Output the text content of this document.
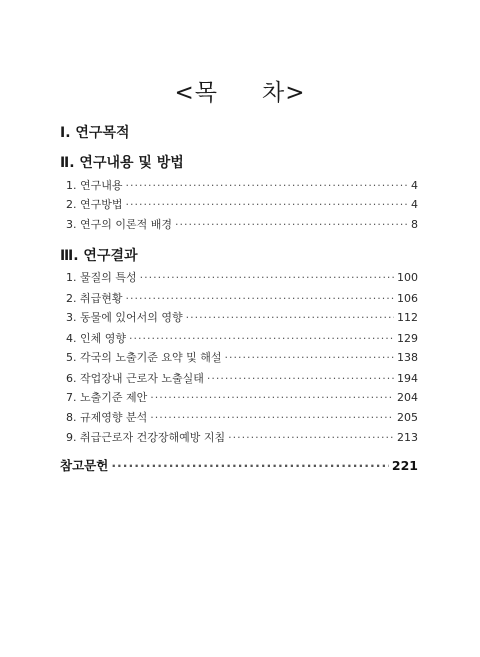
<목 차>
Ⅰ. 연구목적
Ⅱ. 연구내용 및 방법
1. 연구내용 ·····	4
2. 연구방법 ·····	4
3. 연구의 이론적 배경 ·····	8
Ⅲ. 연구결과
1. 물질의 특성 ·····	100
2. 취급현황 ·····	106
3. 동물에 있어서의 영향 ·····	112
4. 인체 영향 ·····	129
5. 각국의 노출기준 요약 및 해설 ·····	138
6. 작업장내 근로자 노출실태 ·····	194
7. 노출기준 제안 ·····	204
8. 규제영향 분석 ·····	205
9. 취급근로자 건강장해예방 지침 ·····	213
참고문헌 ·····	221
